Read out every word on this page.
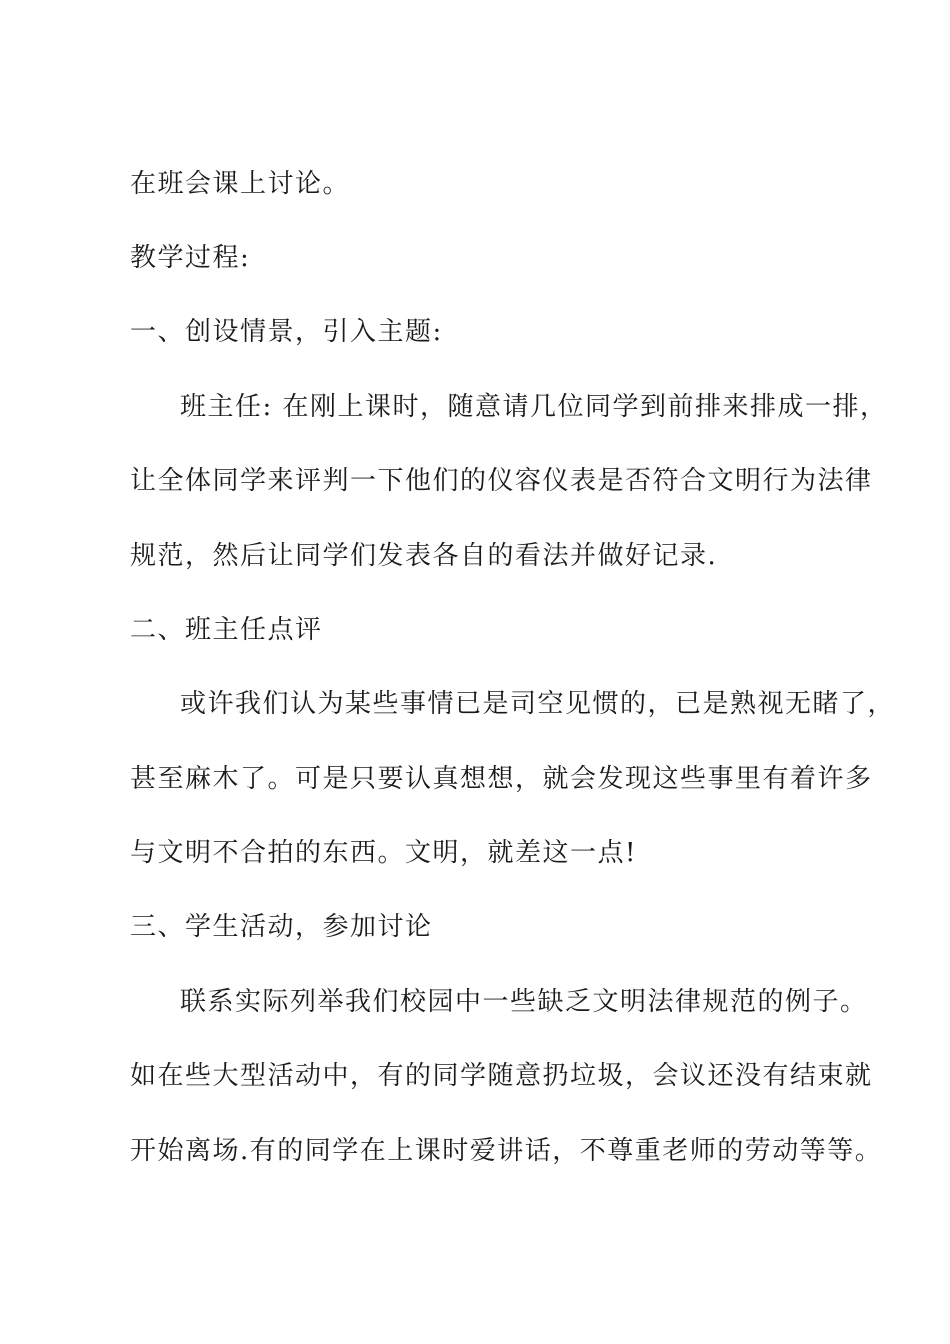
在班会课上讨论。
教学过程:
一、创设情景，引入主题:
班主任: 在刚上课时，随意请几位同学到前排来排成一排，
让全体同学来评判一下他们的仪容仪表是否符合文明行为法律
规范，然后让同学们发表各自的看法并做好记录.
二、班主任点评
或许我们认为某些事情已是司空见惯的，已是熟视无睹了，
甚至麻木了。可是只要认真想想，就会发现这些事里有着许多
与文明不合拍的东西。文明，就差这一点!
三、学生活动，参加讨论
联系实际列举我们校园中一些缺乏文明法律规范的例子。
如在些大型活动中，有的同学随意扔垃圾，会议还没有结束就
开始离场.有的同学在上课时爱讲话，不尊重老师的劳动等等。
